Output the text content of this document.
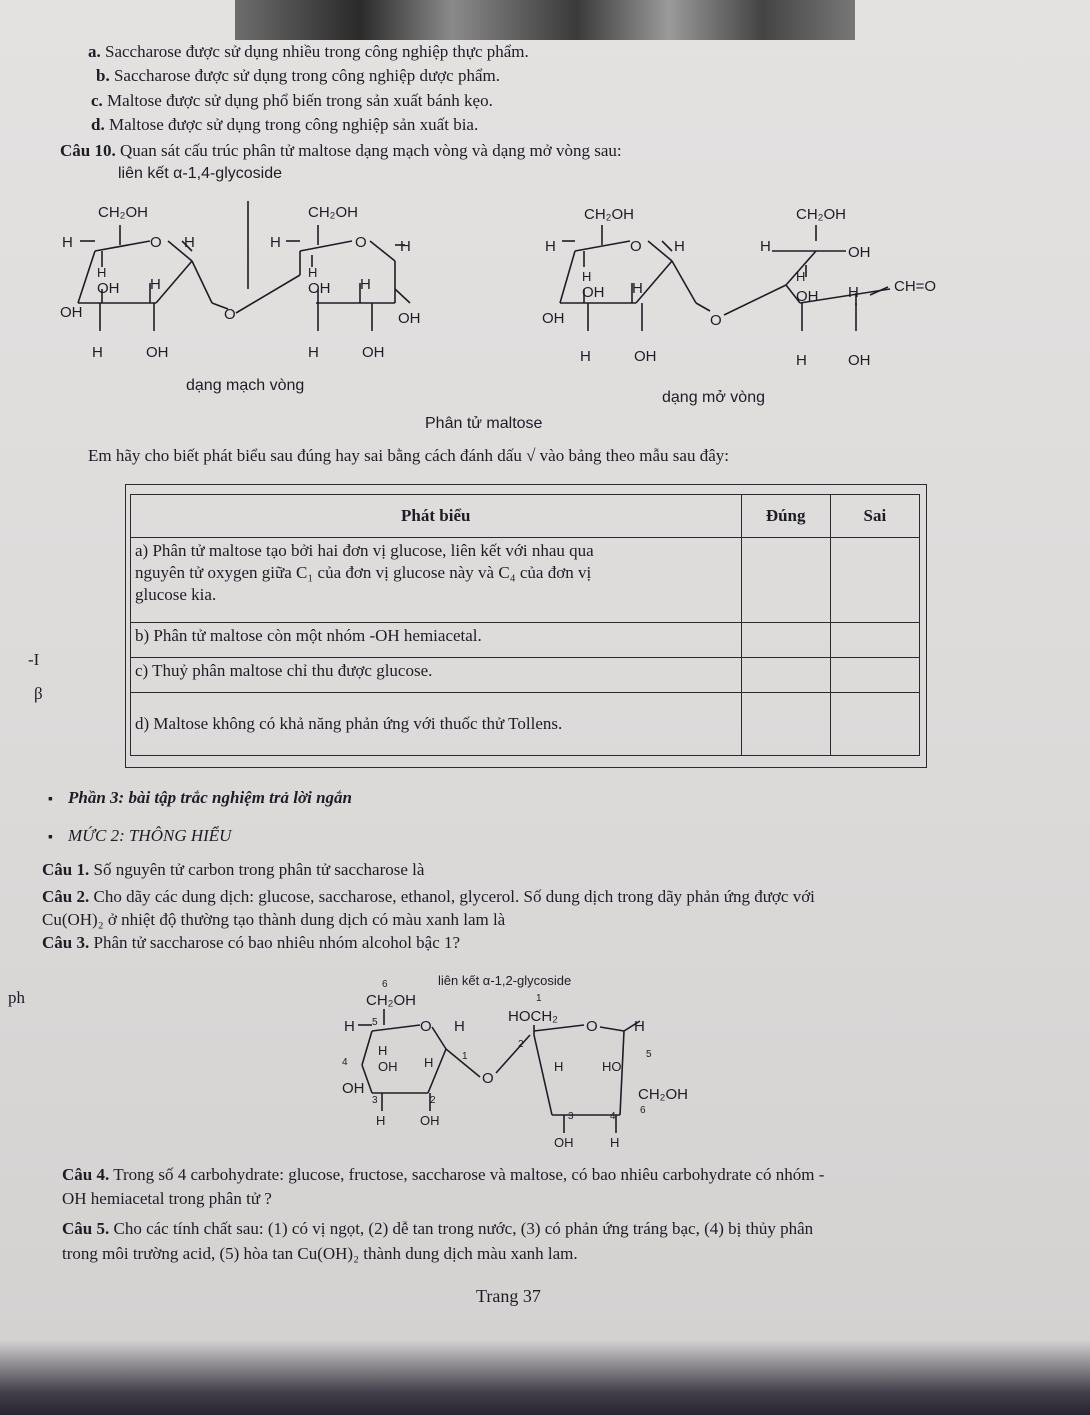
a. Saccharose được sử dụng nhiều trong công nghiệp thực phẩm.
b. Saccharose được sử dụng trong công nghiệp dược phẩm.
c. Maltose được sử dụng phổ biến trong sản xuất bánh kẹo.
d. Maltose được sử dụng trong công nghiệp sản xuất bia.
Câu 10. Quan sát cấu trúc phân tử maltose dạng mạch vòng và dạng mở vòng sau:
liên kết α-1,4-glycoside
CH₂OH
H	O H
H
OH H
OH
H	OH
O
CH₂OH
H	O H
H
OH H
OH
H	OH
CH₂OH
H	O H
H
OH H
OH
H	OH
O
CH₂OH
H	OH
H
OH H CH=O
H	OH
dạng mạch vòng
dạng mở vòng
Phân tử maltose
Em hãy cho biết phát biểu sau đúng hay sai bằng cách đánh dấu √ vào bảng theo mẫu sau đây:
Phát biểu	Đúng	Sai

a) Phân tử maltose tạo bởi hai đơn vị glucose, liên kết với nhau qua
nguyên tử oxygen giữa C₁ của đơn vị glucose này và C₄ của đơn vị
glucose kia.		

b) Phân tử maltose còn một nhóm -OH hemiacetal.		

c) Thuỷ phân maltose chỉ thu được glucose.		

d) Maltose không có khả năng phản ứng với thuốc thử Tollens.		

-I
β
ph
▪ Phần 3: bài tập trắc nghiệm trả lời ngắn
▪ MỨC 2: THÔNG HIỂU
Câu 1. Số nguyên tử carbon trong phân tử saccharose là
Câu 2. Cho dãy các dung dịch: glucose, saccharose, ethanol, glycerol. Số dung dịch trong dãy phản ứng được với
Cu(OH)₂ ở nhiệt độ thường tạo thành dung dịch có màu xanh lam là
Câu 3. Phân tử saccharose có bao nhiêu nhóm alcohol bậc 1?
liên kết α-1,2-glycoside
6
CH₂OH
5
H	O H
4
H
OH H	1
OH
3	2
H	OH
O
1
HOCH₂
2
O H
5
H	HO
CH₂OH
6
3	4
OH	H
Câu 4. Trong số 4 carbohydrate: glucose, fructose, saccharose và maltose, có bao nhiêu carbohydrate có nhóm -
OH hemiacetal trong phân tử ?
Câu 5. Cho các tính chất sau: (1) có vị ngọt, (2) dễ tan trong nước, (3) có phản ứng tráng bạc, (4) bị thủy phân
trong môi trường acid, (5) hòa tan Cu(OH)₂ thành dung dịch màu xanh lam.
Trang 37
